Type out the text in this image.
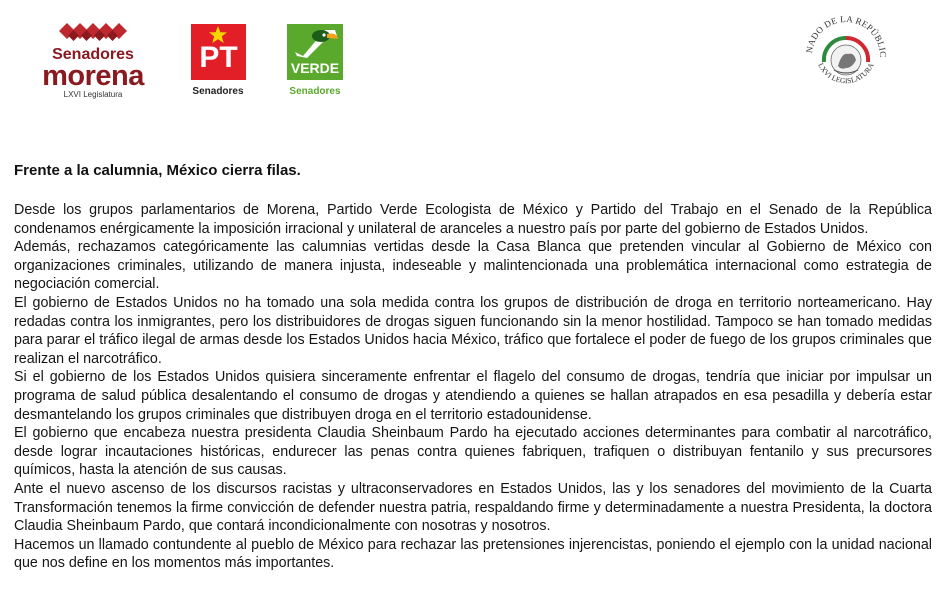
Senadores
morena
LXVI Legislatura
PT
Senadores
VERDE
Senadores
NADO DE LA REPÚBLIC
LXVI LEGISLATURA
Frente a la calumnia, México cierra filas.

Desde los grupos parlamentarios de Morena, Partido Verde Ecologista de México y Partido del Trabajo en el Senado de la República condenamos enérgicamente la imposición irracional y unilateral de aranceles a nuestro país por parte del gobierno de Estados Unidos.

Además, rechazamos categóricamente las calumnias vertidas desde la Casa Blanca que pretenden vincular al Gobierno de México con organizaciones criminales, utilizando de manera injusta, indeseable y malintencionada una problemática internacional como estrategia de negociación comercial.

El gobierno de Estados Unidos no ha tomado una sola medida contra los grupos de distribución de droga en territorio norteamericano. Hay redadas contra los inmigrantes, pero los distribuidores de drogas siguen funcionando sin la menor hostilidad. Tampoco se han tomado medidas para parar el tráfico ilegal de armas desde los Estados Unidos hacia México, tráfico que fortalece el poder de fuego de los grupos criminales que realizan el narcotráfico.

Si el gobierno de los Estados Unidos quisiera sinceramente enfrentar el flagelo del consumo de drogas, tendría que iniciar por impulsar un programa de salud pública desalentando el consumo de drogas y atendiendo a quienes se hallan atrapados en esa pesadilla y debería estar desmantelando los grupos criminales que distribuyen droga en el territorio estadounidense.

El gobierno que encabeza nuestra presidenta Claudia Sheinbaum Pardo ha ejecutado acciones determinantes para combatir al narcotráfico, desde lograr incautaciones históricas, endurecer las penas contra quienes fabriquen, trafiquen o distribuyan fentanilo y sus precursores químicos, hasta la atención de sus causas.

Ante el nuevo ascenso de los discursos racistas y ultraconservadores en Estados Unidos, las y los senadores del movimiento de la Cuarta Transformación tenemos la firme convicción de defender nuestra patria, respaldando firme y determinadamente a nuestra Presidenta, la doctora Claudia Sheinbaum Pardo, que contará incondicionalmente con nosotras y nosotros.

Hacemos un llamado contundente al pueblo de México para rechazar las pretensiones injerencistas, poniendo el ejemplo con la unidad nacional que nos define en los momentos más importantes.
